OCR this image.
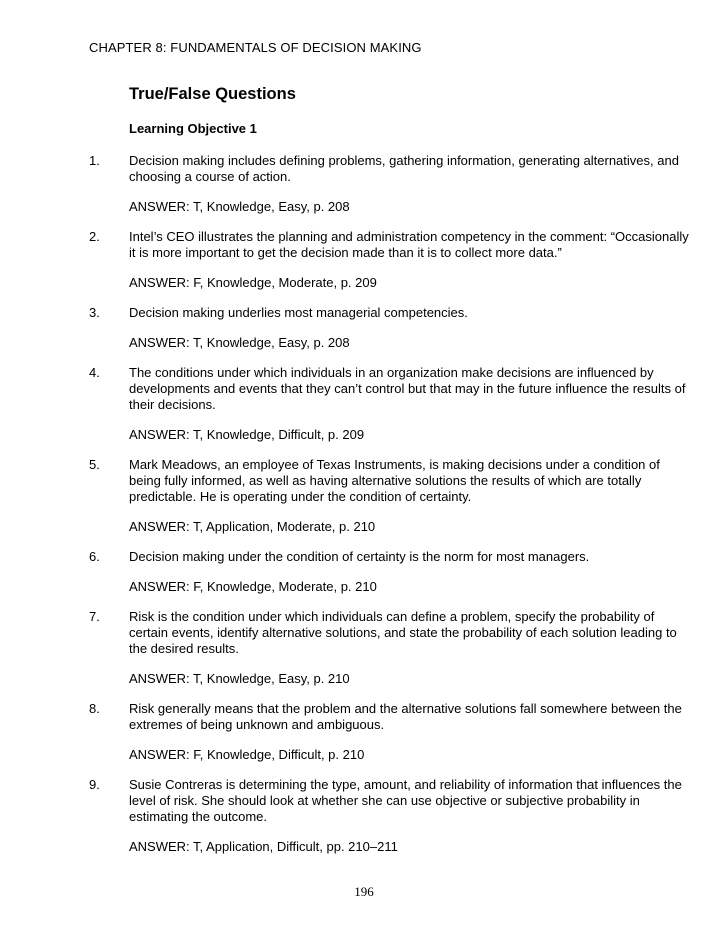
CHAPTER 8: FUNDAMENTALS OF DECISION MAKING
True/False Questions
Learning Objective 1
1. Decision making includes defining problems, gathering information, generating alternatives, and choosing a course of action.
ANSWER: T, Knowledge, Easy, p. 208
2. Intel’s CEO illustrates the planning and administration competency in the comment: “Occasionally it is more important to get the decision made than it is to collect more data.”
ANSWER: F, Knowledge, Moderate, p. 209
3. Decision making underlies most managerial competencies.
ANSWER: T, Knowledge, Easy, p. 208
4. The conditions under which individuals in an organization make decisions are influenced by developments and events that they can’t control but that may in the future influence the results of their decisions.
ANSWER: T, Knowledge, Difficult, p. 209
5. Mark Meadows, an employee of Texas Instruments, is making decisions under a condition of being fully informed, as well as having alternative solutions the results of which are totally predictable. He is operating under the condition of certainty.
ANSWER: T, Application, Moderate, p. 210
6. Decision making under the condition of certainty is the norm for most managers.
ANSWER: F, Knowledge, Moderate, p. 210
7. Risk is the condition under which individuals can define a problem, specify the probability of certain events, identify alternative solutions, and state the probability of each solution leading to the desired results.
ANSWER: T, Knowledge, Easy, p. 210
8. Risk generally means that the problem and the alternative solutions fall somewhere between the extremes of being unknown and ambiguous.
ANSWER: F, Knowledge, Difficult, p. 210
9. Susie Contreras is determining the type, amount, and reliability of information that influences the level of risk. She should look at whether she can use objective or subjective probability in estimating the outcome.
ANSWER: T, Application, Difficult, pp. 210–211
196
